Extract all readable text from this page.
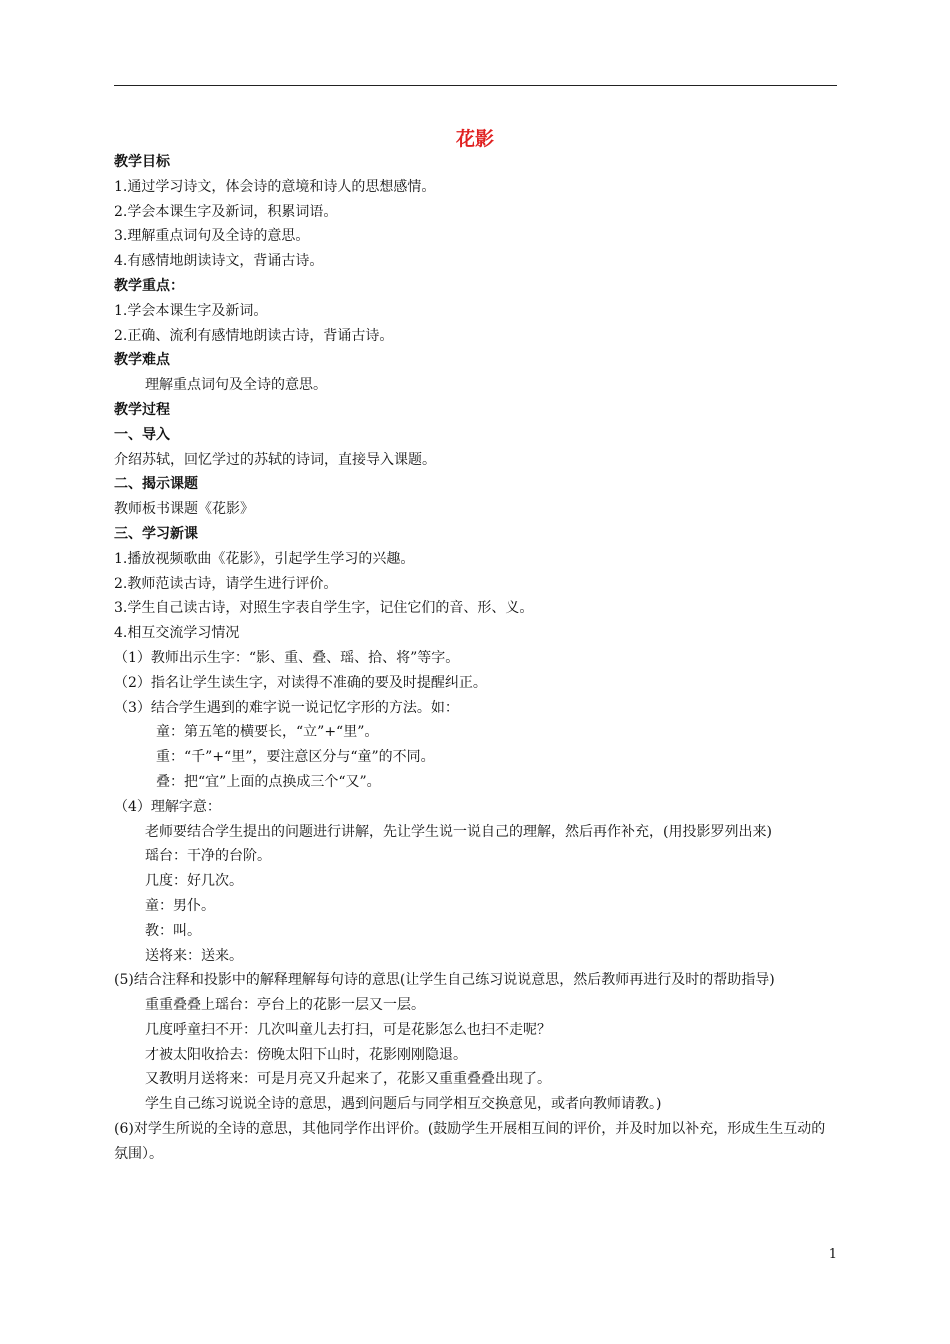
花影

教学目标

1.通过学习诗文，体会诗的意境和诗人的思想感情。

2.学会本课生字及新词，积累词语。

3.理解重点词句及全诗的意思。

4.有感情地朗读诗文，背诵古诗。

教学重点：

1.学会本课生字及新词。

2.正确、流利有感情地朗读古诗，背诵古诗。

教学难点

理解重点词句及全诗的意思。

教学过程

一、导入

介绍苏轼，回忆学过的苏轼的诗词，直接导入课题。

二、揭示课题

教师板书课题《花影》

三、学习新课

1.播放视频歌曲《花影》，引起学生学习的兴趣。

2.教师范读古诗，请学生进行评价。

3.学生自己读古诗，对照生字表自学生字，记住它们的音、形、义。

4.相互交流学习情况

（1）教师出示生字：“影、重、叠、瑶、拾、将”等字。

（2）指名让学生读生字，对读得不准确的要及时提醒纠正。

（3）结合学生遇到的难字说一说记忆字形的方法。如：

童：第五笔的横要长，“立”+“里”。

重：“千”+“里”，要注意区分与“童”的不同。

叠：把“宜”上面的点换成三个“又”。

（4）理解字意：

老师要结合学生提出的问题进行讲解，先让学生说一说自己的理解，然后再作补充，(用投影罗列出来)

瑶台：干净的台阶。

几度：好几次。

童：男仆。

教：叫。

送将来：送来。

(5)结合注释和投影中的解释理解每句诗的意思(让学生自己练习说说意思，然后教师再进行及时的帮助指导)

重重叠叠上瑶台：亭台上的花影一层又一层。

几度呼童扫不开：几次叫童儿去打扫，可是花影怎么也扫不走呢？

才被太阳收拾去：傍晚太阳下山时，花影刚刚隐退。

又教明月送将来：可是月亮又升起来了，花影又重重叠叠出现了。

学生自己练习说说全诗的意思，遇到问题后与同学相互交换意见，或者向教师请教。)

(6)对学生所说的全诗的意思，其他同学作出评价。(鼓励学生开展相互间的评价，并及时加以补充，形成生生互动的氛围）。

1
